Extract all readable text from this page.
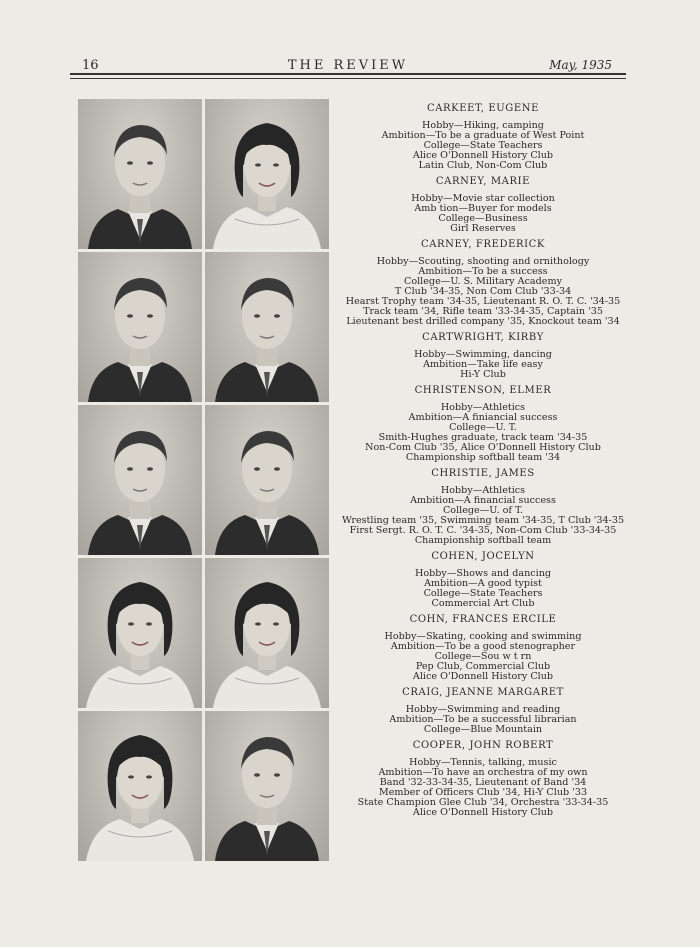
16	THE REVIEW	May, 1935
CARKEET, EUGENE
Hobby—Hiking, camping
Ambition—To be a graduate of West Point
College—State Teachers
Alice O'Donnell History Club
Latin Club, Non-Com Club
CARNEY, MARIE
Hobby—Movie star collection
Amb tion—Buyer for models
College—Business
Girl Reserves
CARNEY, FREDERICK
Hobby—Scouting, shooting and ornithology
Ambition—To be a success
College—U. S. Military Academy
T Club '34-35, Non Com Club '33-34
Hearst Trophy team '34-35, Lieutenant R. O. T. C. '34-35
Track team '34, Rifle team '33-34-35, Captain '35
Lieutenant best drilled company '35, Knockout team '34
CARTWRIGHT, KIRBY
Hobby—Swimming, dancing
Ambition—Take life easy
Hi-Y Club
CHRISTENSON, ELMER
Hobby—Athletics
Ambition—A finiancial success
College—U. T.
Smith-Hughes graduate, track team '34-35
Non-Com Club '35, Alice O'Donnell History Club
Championship softball team '34
CHRISTIE, JAMES
Hobby—Athletics
Ambition—A financial success
College—U. of T.
Wrestling team '35, Swimming team '34-35, T Club '34-35
First Sergt. R. O. T. C. '34-35, Non-Com Club '33-34-35
Championship softball team
COHEN, JOCELYN
Hobby—Shows and dancing
Ambition—A good typist
College—State Teachers
Commercial Art Club
COHN, FRANCES ERCILE
Hobby—Skating, cooking and swimming
Ambition—To be a good stenographer
College—Sou w t rn
Pep Club, Commercial Club
Alice O'Donnell History Club
CRAIG, JEANNE MARGARET
Hobby—Swimming and reading
Ambition—To be a successful librarian
College—Blue Mountain
COOPER, JOHN ROBERT
Hobby—Tennis, talking, music
Ambition—To have an orchestra of my own
Band '32-33-34-35, Lieutenant of Band '34
Member of Officers Club '34, Hi-Y Club '33
State Champion Glee Club '34, Orchestra '33-34-35
Alice O'Donnell History Club
